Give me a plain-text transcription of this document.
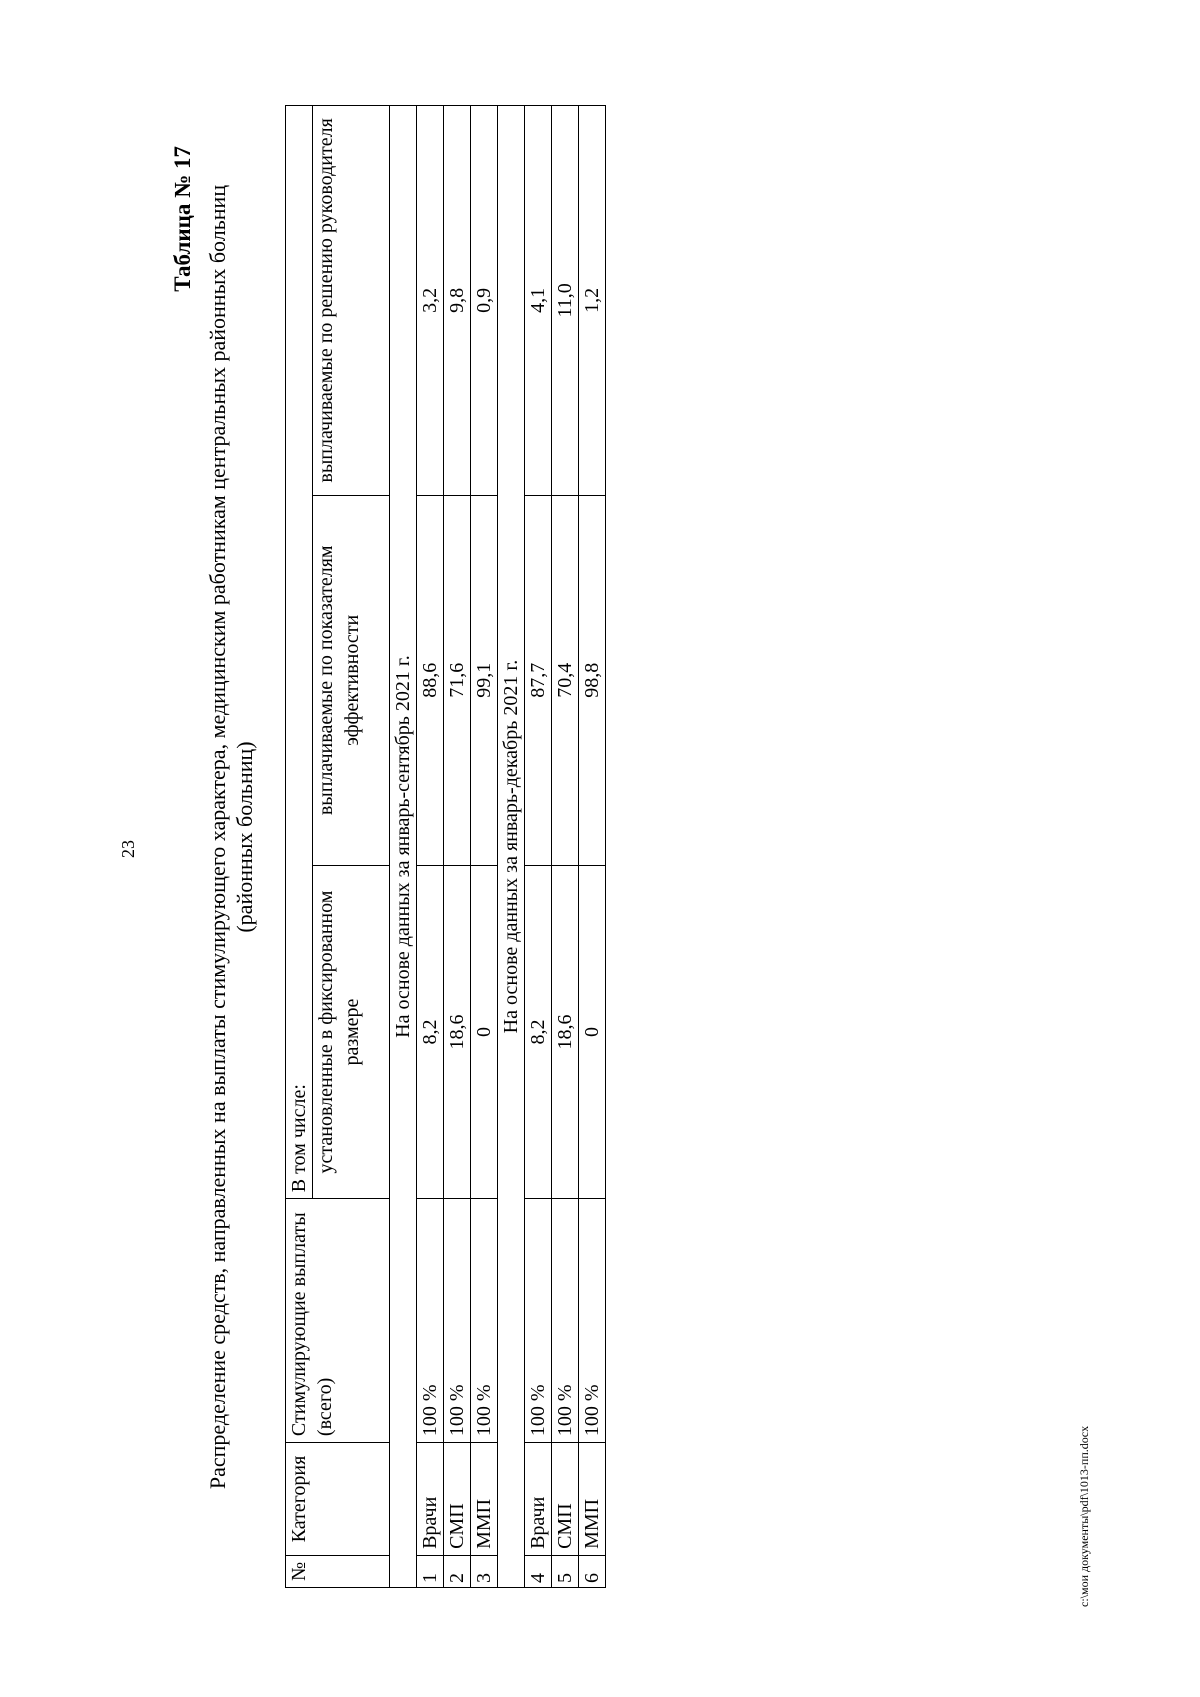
23
Таблица № 17 Распределение средств, направленных на выплаты стимулирующего характера, медицинским работникам центральных районных больниц (районных больниц)
№	Категория	Стимулирующие выплаты (всего)	В том числе:		
			установленные в фиксированном размере	выплачиваемые по показателям эффективности	выплачиваемые по решению руководителя
На основе данных за январь-сентябрь 2021 г.					
1	Врачи	100 %	8,2	88,6	3,2
2	СМП	100 %	18,6	71,6	9,8
3	ММП	100 %	0	99,1	0,9
На основе данных за январь-декабрь 2021 г.					
4	Врачи	100 %	8,2	87,7	4,1
5	СМП	100 %	18,6	70,4	11,0
6	ММП	100 %	0	98,8	1,2
c:\мои документы\pdf\1013-пп.docx
